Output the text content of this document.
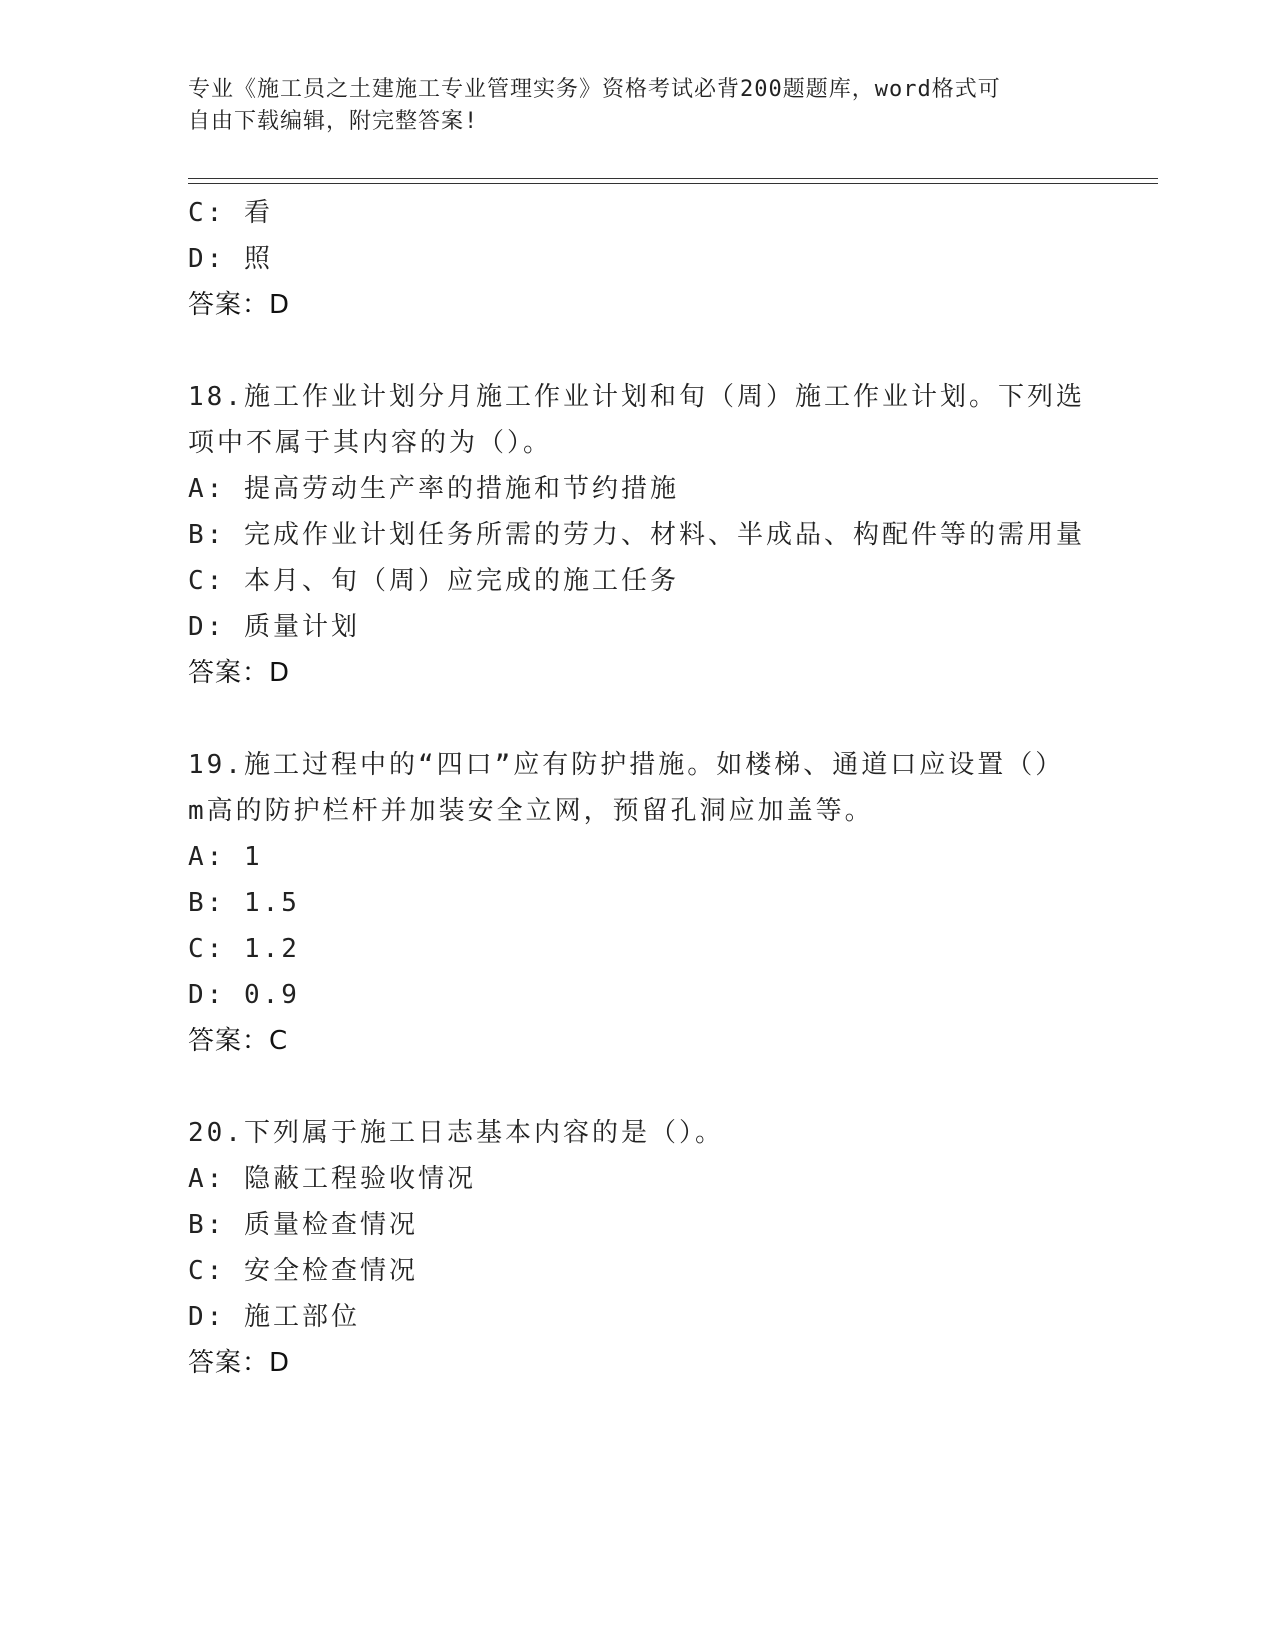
专业《施工员之土建施工专业管理实务》资格考试必背200题题库，word格式可
自由下载编辑，附完整答案!
C: 看
D: 照
答案：D
18.施工作业计划分月施工作业计划和旬（周）施工作业计划。下列选
项中不属于其内容的为（）。
A: 提高劳动生产率的措施和节约措施
B: 完成作业计划任务所需的劳力、材料、半成品、构配件等的需用量
C: 本月、旬（周）应完成的施工任务
D: 质量计划
答案：D
19.施工过程中的“四口”应有防护措施。如楼梯、通道口应设置（）
m高的防护栏杆并加装安全立网，预留孔洞应加盖等。
A: 1
B: 1.5
C: 1.2
D: 0.9
答案：C
20.下列属于施工日志基本内容的是（）。
A: 隐蔽工程验收情况
B: 质量检查情况
C: 安全检查情况
D: 施工部位
答案：D
